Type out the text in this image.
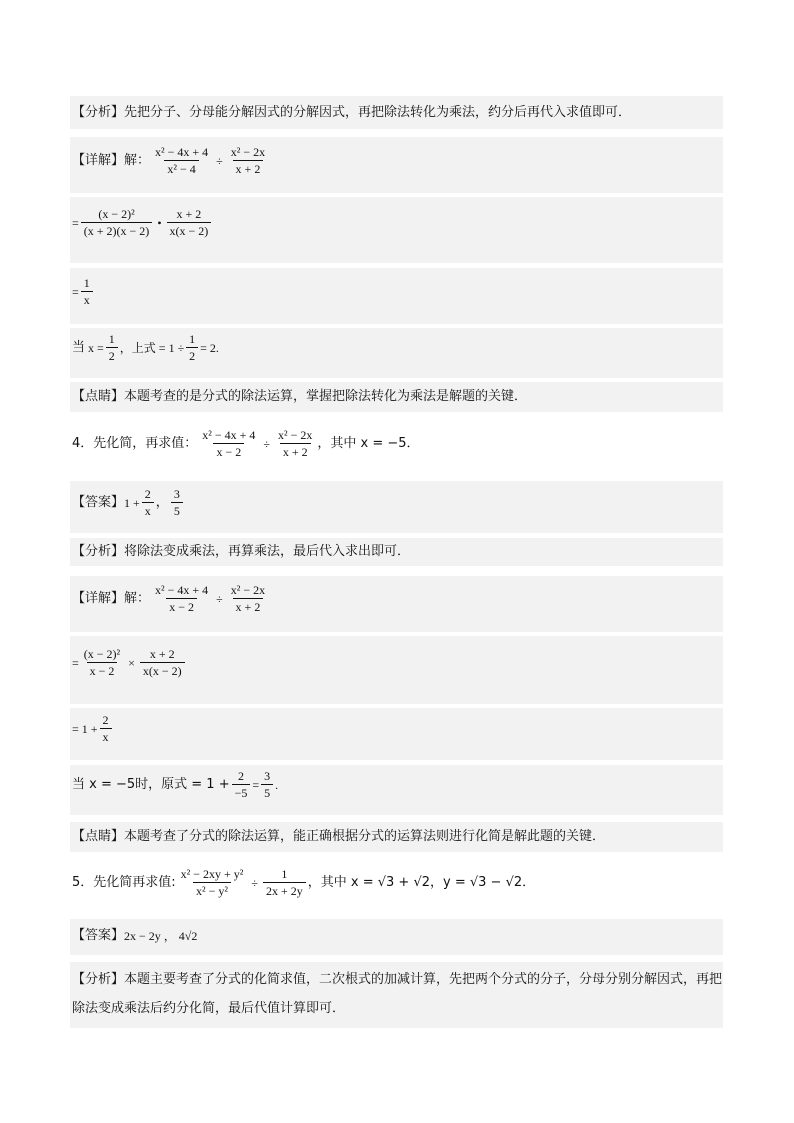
【分析】先把分子、分母能分解因式的分解因式，再把除法转化为乘法，约分后再代入求值即可．
【详解】解： $\frac{\text{x² − 4x + 4}}{\text{x² − 4}} \div \frac{\text{x² − 2x}}{x + 2}$
= $\frac{\text{(x − 2)²}}{(x + 2)(x - 2)}$ • $\frac{x + 2}{x(x - 2)}$
= $\frac{1}{x}$
当 $x = \frac{1}{2}$ ，上式 = $1 \div \frac{1}{2} = 2$.
【点睛】本题考查的是分式的除法运算，掌握把除法转化为乘法是解题的关键．
4．先化简，再求值： $\frac{\text{x² − 4x + 4}}{x - 2} \div \frac{\text{x² − 2x}}{x + 2}$ ，其中 x = −5．
【答案】 $1 + \frac{2}{x}$ ， $\frac{3}{5}$
【分析】将除法变成乘法，再算乘法，最后代入求出即可．
【详解】解： $\frac{\text{x² − 4x + 4}}{x - 2} \div \frac{\text{x² − 2x}}{x + 2}$
= $\frac{\text{(x − 2)²}}{x - 2} \times \frac{x + 2}{x(x - 2)}$
= $1 + \frac{2}{x}$
当 x = −5时，原式 = $1 + \frac{2}{-5} = \frac{3}{5}$ .
【点睛】本题考查了分式的除法运算，能正确根据分式的运算法则进行化简是解此题的关键．
5．先化简再求值: $\frac{\text{x² − 2xy + y²}}{\text{x² − y²}} \div \frac{1}{2x + 2y}$ ，其中 x = √3 + √2，y = √3 − √2．
【答案】 2x − 2y ， 4√2
【分析】本题主要考查了分式的化简求值，二次根式的加减计算，先把两个分式的分子，分母分别分解因式，再把除法变成乘法后约分化简，最后代值计算即可．
